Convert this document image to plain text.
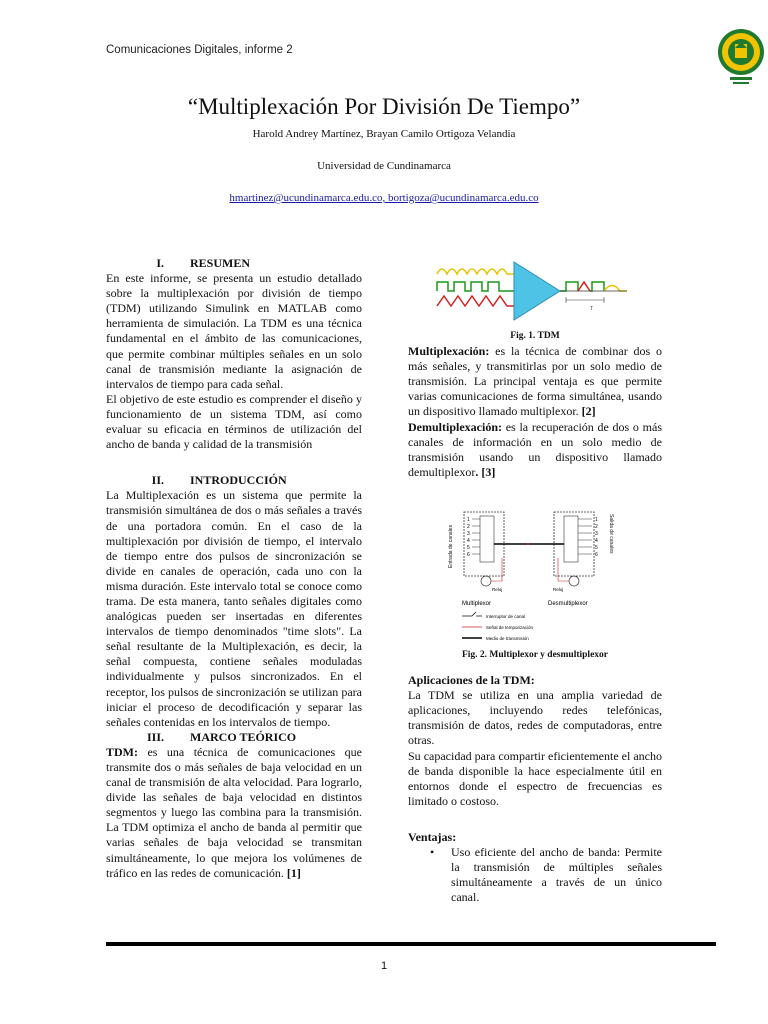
Comunicaciones Digitales, informe 2
“Multiplexación Por División De Tiempo”
Harold Andrey Martínez, Brayan Camilo Ortigoza Velandia
Universidad de Cundinamarca
hmartinez@ucundinamarca.edu.co, bortigoza@ucundinamarca.edu.co
I. RESUMEN

En este informe, se presenta un estudio detallado sobre la multiplexación por división de tiempo (TDM) utilizando Simulink en MATLAB como herramienta de simulación. La TDM es una técnica fundamental en el ámbito de las comunicaciones, que permite combinar múltiples señales en un solo canal de transmisión mediante la asignación de intervalos de tiempo para cada señal.

El objetivo de este estudio es comprender el diseño y funcionamiento de un sistema TDM, así como evaluar su eficacia en términos de utilización del ancho de banda y calidad de la transmisión

II. INTRODUCCIÓN

La Multiplexación es un sistema que permite la transmisión simultánea de dos o más señales a través de una portadora común. En el caso de la multiplexación por división de tiempo, el intervalo de tiempo entre dos pulsos de sincronización se divide en canales de operación, cada uno con la misma duración. Este intervalo total se conoce como trama. De esta manera, tanto señales digitales como analógicas pueden ser insertadas en diferentes intervalos de tiempo denominados "time slots". La señal resultante de la Multiplexación, es decir, la señal compuesta, contiene señales moduladas individualmente y pulsos sincronizados. En el receptor, los pulsos de sincronización se utilizan para iniciar el proceso de decodificación y separar las señales contenidas en los intervalos de tiempo.

III. MARCO TEÓRICO

TDM: es una técnica de comunicaciones que transmite dos o más señales de baja velocidad en un canal de transmisión de alta velocidad. Para lograrlo, divide las señales de baja velocidad en distintos segmentos y luego las combina para la transmisión. La TDM optimiza el ancho de banda al permitir que varias señales de baja velocidad se transmitan simultáneamente, lo que mejora los volúmenes de tráfico en las redes de comunicación. [1]

T
Fig. 1. TDM

Multiplexación: es la técnica de combinar dos o más señales, y transmitirlas por un solo medio de transmisión. La principal ventaja es que permite varias comunicaciones de forma simultánea, usando un dispositivo llamado multiplexor. [2]

Demultiplexación: es la recuperación de dos o más canales de información en un solo medio de transmisión usando un dispositivo llamado demultiplexor. [3]

Entrada de canales	Salida de canales
1
2
3
4
5
6
1
2
3
4
5
6
Reloj	Reloj
Multiplexor	Desmultiplexor
Interruptor de canal
Señal de temporización
Medio de transmisión
Fig. 2. Multiplexor y desmultiplexor
Aplicaciones de la TDM:

La TDM se utiliza en una amplia variedad de aplicaciones, incluyendo redes telefónicas, transmisión de datos, redes de computadoras, entre otras.

Su capacidad para compartir eficientemente el ancho de banda disponible la hace especialmente útil en entornos donde el espectro de frecuencias es limitado o costoso.

Ventajas:
• Uso eficiente del ancho de banda: Permite la transmisión de múltiples señales simultáneamente a través de un único canal.
1
